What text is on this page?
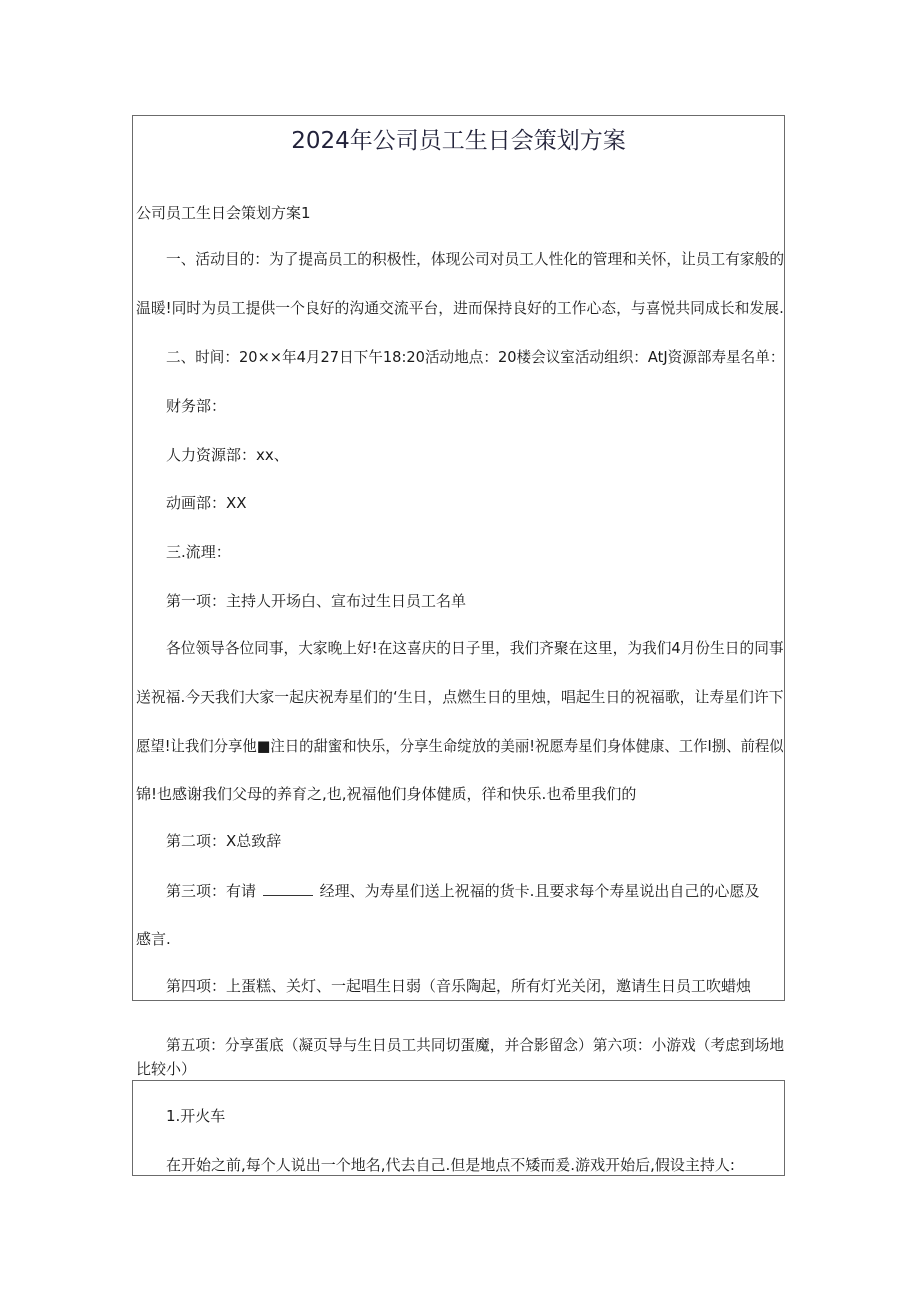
2024年公司员工生日会策划方案
公司员工生日会策划方案1
一、活动目的：为了提高员工的积极性，体现公司对员工人性化的管理和关怀，让员工有家般的
温暖!同时为员工提供一个良好的沟通交流平台，进而保持良好的工作心态，与喜悦共同成长和发展.
二、时间：20××年4月27日下午18:20活动地点：20楼会议室活动组织：AtJ资源部寿星名单：
财务部：
人力资源部：xx、
动画部：XX
三.流理：
第一项：主持人开场白、宣布过生日员工名单
各位领导各位同事，大家晚上好!在这喜庆的日子里，我们齐聚在这里，为我们4月份生日的同事
送祝福.今天我们大家一起庆祝寿星们的‘生日，点燃生日的里烛，唱起生日的祝福歌，让寿星们许下
愿望!让我们分享他■注日的甜蜜和快乐，分享生命绽放的美丽!祝愿寿星们身体健康、工作I捌、前程似
锦!也感谢我们父母的养育之,也,祝福他们身体健质，徉和快乐.也希里我们的
第二项：X总致辞
第三项：有请	经理、为寿星们送上祝福的货卡.且要求每个寿星说出自己的心愿及
感言.
第四项：上蛋糕、关灯、一起唱生日弱（音乐陶起，所有灯光关闭，邀请生日员工吹蜡烛
第五项：分享蛋底（凝页导与生日员工共同切蛋魔，并合影留念）第六项：小游戏（考虑到场地
比较小）
1.开火车
在开始之前,每个人说出一个地名,代去自己.但是地点不矮而爰.游戏开始后,假设主持人:
